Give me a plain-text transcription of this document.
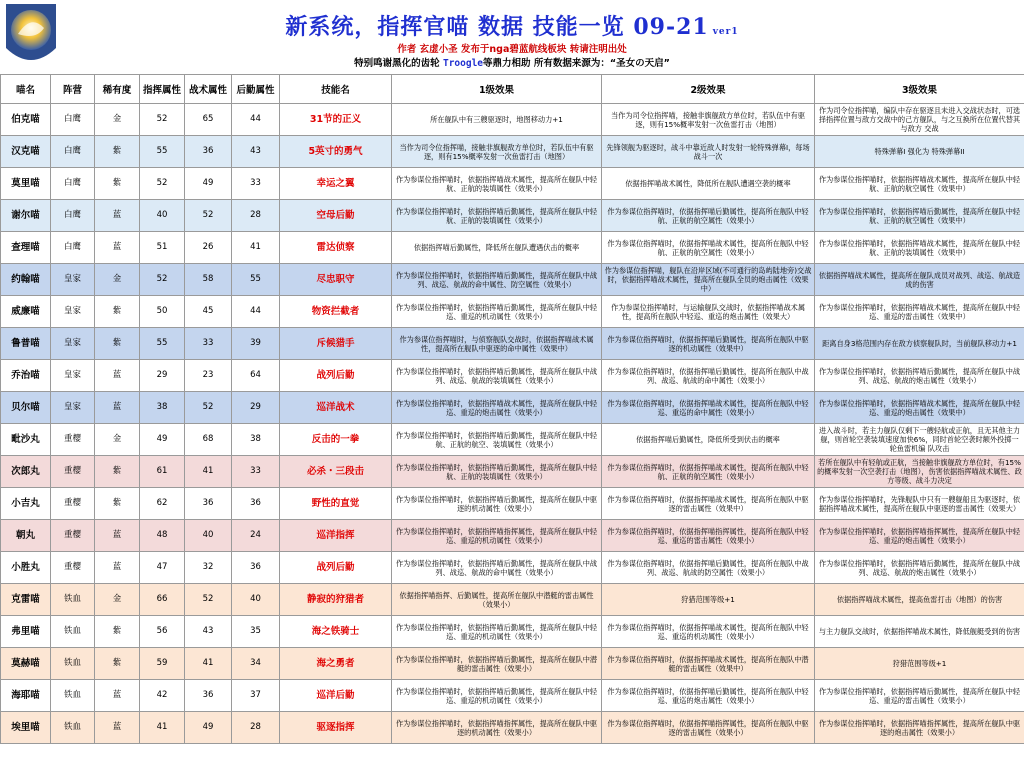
新系统，指挥官喵 数据 技能一览 09-21 ver1
作者 玄虚小圣 发布于nga碧蓝航线板块 转请注明出处
特别鸣谢黑化的齿轮 Troogle等鼎力相助 所有数据来源为：“圣女の天启”
喵名	阵营	稀有度	指挥属性	战术属性	后勤属性	技能名	1级效果	2级效果	3级效果
伯克喵	白鹰	金	52	65	44	31节的正义	所在舰队中有三艘驱逐时，地图移动力+1	当作为司令位指挥喵，接触非旗舰敌方单位时，若队伍中有驱逐，则有15%概率发射一次鱼雷打击（地图）	作为司令位指挥喵，编队中存在驱逐且未进入交战状态时，可选择指挥位置与敌方交战中的己方舰队，与之互换所在位置代替其与敌方 交战
汉克喵	白鹰	紫	55	36	43	5英寸的勇气	当作为司令位指挥喵，接触非旗舰敌方单位时，若队伍中有驱逐，则有15%概率发射一次鱼雷打击（地图）	先锋领舰为驱逐时，战斗中靠近敌人时发射一轮特殊弹幕I，每场战斗一次	特殊弹幕I 强化为 特殊弹幕II
莫里喵	白鹰	紫	52	49	33	幸运之翼	作为参谋位指挥喵时，依据指挥喵战术属性，提高所在舰队中轻航、正航的装填属性（效果小）	依据指挥喵战术属性，降低所在舰队遭遇空袭的概率	作为参谋位指挥喵时，依据指挥喵战术属性，提高所在舰队中轻航、正航的航空属性（效果中）
谢尔喵	白鹰	蓝	40	52	28	空母后勤	作为参谋位指挥喵时，依据指挥喵后勤属性，提高所在舰队中轻航、正航的装填属性（效果小）	作为参谋位指挥喵时，依据指挥喵后勤属性，提高所在舰队中轻航、正航的航空属性（效果小）	作为参谋位指挥喵时，依据指挥喵后勤属性，提高所在舰队中轻航、正航的航空属性（效果中）
查理喵	白鹰	蓝	51	26	41	雷达侦察	依据指挥喵后勤属性，降低所在舰队遭遇伏击的概率	作为参谋位指挥喵时，依据指挥喵战术属性，提高所在舰队中轻航、正航的航空属性（效果小）	作为参谋位指挥喵时，依据指挥喵战术属性，提高所在舰队中轻航、正航的装填属性（效果中）
约翰喵	皇家	金	52	58	55	尽忠职守	作为参谋位指挥喵时，依据指挥喵后勤属性，提高所在舰队中战列、战巡、航战的命中属性、防空属性（效果小）	作为参谋位指挥喵，舰队在沿岸区域(不可通行的岛屿陆地旁)交战时，依据指挥喵战术属性，提高所在舰队全员的炮击属性（效果中）	依据指挥喵战术属性，提高所在舰队成员对战列、战巡、航战造成的伤害
威廉喵	皇家	紫	50	45	44	物资拦截者	作为参谋位指挥喵时，依据指挥喵后勤属性，提高所在舰队中轻巡、重巡的机动属性（效果小）	作为参谋位指挥喵时，与运输舰队交战时，依据指挥喵战术属性，提高所在舰队中轻巡、重巡的炮击属性（效果大）	作为参谋位指挥喵时，依据指挥喵战术属性，提高所在舰队中轻巡、重巡的雷击属性（效果中）
鲁普喵	皇家	紫	55	33	39	斥候猎手	作为参谋位指挥喵时，与侦察舰队交战时，依据指挥喵战术属性，提高所在舰队中驱逐的命中属性（效果中）	作为参谋位指挥喵时，依据指挥喵后勤属性，提高所在舰队中驱逐的机动属性（效果中）	距离自身3格范围内存在敌方侦察舰队时，当前舰队移动力+1
乔治喵	皇家	蓝	29	23	64	战列后勤	作为参谋位指挥喵时，依据指挥喵后勤属性，提高所在舰队中战列、战巡、航战的装填属性（效果小）	作为参谋位指挥喵时，依据指挥喵后勤属性，提高所在舰队中战列、战巡、航战的命中属性（效果小）	作为参谋位指挥喵时，依据指挥喵后勤属性，提高所在舰队中战列、战巡、航战的炮击属性（效果小）
贝尔喵	皇家	蓝	38	52	29	巡洋战术	作为参谋位指挥喵时，依据指挥喵战术属性，提高所在舰队中轻巡、重巡的炮击属性（效果小）	作为参谋位指挥喵时，依据指挥喵战术属性，提高所在舰队中轻巡、重巡的命中属性（效果小）	作为参谋位指挥喵时，依据指挥喵战术属性，提高所在舰队中轻巡、重巡的炮击属性（效果中）
毗沙丸	重樱	金	49	68	38	反击的一拳	作为参谋位指挥喵时，依据指挥喵后勤属性，提高所在舰队中轻航、正航的航空、装填属性（效果小）	依据指挥喵后勤属性，降低所受到伏击的概率	进入战斗时，若主力舰队仅剩下一艘轻航或正航，且无其他主力舰，则首轮空袭装填速度加快6%，同时首轮空袭时额外投掷一轮鱼雷机编 队攻击
次郎丸	重樱	紫	61	41	33	必杀・三段击	作为参谋位指挥喵时，依据指挥喵后勤属性，提高所在舰队中轻航、正航的装填属性（效果小）	作为参谋位指挥喵时，依据指挥喵战术属性，提高所在舰队中轻航、正航的航空属性（效果小）	若所在舰队中有轻航或正航，当接触非旗舰敌方单位时，有15%的概率发射一次空袭打击（地图），伤害依据指挥喵战术属性、政方等级、战斗力决定
小吉丸	重樱	紫	62	36	36	野性的直觉	作为参谋位指挥喵时，依据指挥喵后勤属性，提高所在舰队中驱逐的机动属性（效果小）	作为参谋位指挥喵时，依据指挥喵战术属性，提高所在舰队中驱逐的雷击属性（效果中）	作为参谋位指挥喵时，先锋舰队中只有一艘舰船且为驱逐时，依据指挥喵战术属性，提高所在舰队中驱逐的雷击属性（效果大）
朝丸	重樱	蓝	48	40	24	巡洋指挥	作为参谋位指挥喵时，依据指挥喵指挥属性，提高所在舰队中轻巡、重巡的机动属性（效果小）	作为参谋位指挥喵时，依据指挥喵指挥属性，提高所在舰队中轻巡、重巡的雷击属性（效果小）	作为参谋位指挥喵时，依据指挥喵指挥属性，提高所在舰队中轻巡、重巡的炮击属性（效果小）
小胜丸	重樱	蓝	47	32	36	战列后勤	作为参谋位指挥喵时，依据指挥喵后勤属性，提高所在舰队中战列、战巡、航战的命中属性（效果小）	作为参谋位指挥喵时，依据指挥喵后勤属性，提高所在舰队中战列、战巡、航战的防空属性（效果小）	作为参谋位指挥喵时，依据指挥喵后勤属性，提高所在舰队中战列、战巡、航战的炮击属性（效果小）
克雷喵	铁血	金	66	52	40	静寂的狩猎者	依据指挥喵指挥、后勤属性，提高所在舰队中潜艇的雷击属性（效果小）	狩猎范围等级+1	依据指挥喵战术属性，提高鱼雷打击（地图）的伤害
弗里喵	铁血	紫	56	43	35	海之铁骑士	作为参谋位指挥喵时，依据指挥喵后勤属性，提高所在舰队中轻巡、重巡的机动属性（效果小）	作为参谋位指挥喵时，依据指挥喵战术属性，提高所在舰队中轻巡、重巡的机动属性（效果小）	与主力舰队交战时，依据指挥喵战术属性，降低舰艇受到的伤害
莫赫喵	铁血	紫	59	41	34	海之勇者	作为参谋位指挥喵时，依据指挥喵后勤属性，提高所在舰队中潜艇的雷击属性（效果小）	作为参谋位指挥喵时，依据指挥喵战术属性，提高所在舰队中潜艇的雷击属性（效果中）	狩猎范围等级+1
海耶喵	铁血	蓝	42	36	37	巡洋后勤	作为参谋位指挥喵时，依据指挥喵后勤属性，提高所在舰队中轻巡、重巡的机动属性（效果小）	作为参谋位指挥喵时，依据指挥喵后勤属性，提高所在舰队中轻巡、重巡的炮击属性（效果小）	作为参谋位指挥喵时，依据指挥喵后勤属性，提高所在舰队中轻巡、重巡的雷击属性（效果小）
埃里喵	铁血	蓝	41	49	28	驱逐指挥	作为参谋位指挥喵时，依据指挥喵指挥属性，提高所在舰队中驱逐的机动属性（效果小）	作为参谋位指挥喵时，依据指挥喵指挥属性，提高所在舰队中驱逐的雷击属性（效果小）	作为参谋位指挥喵时，依据指挥喵指挥属性，提高所在舰队中驱逐的炮击属性（效果小）
